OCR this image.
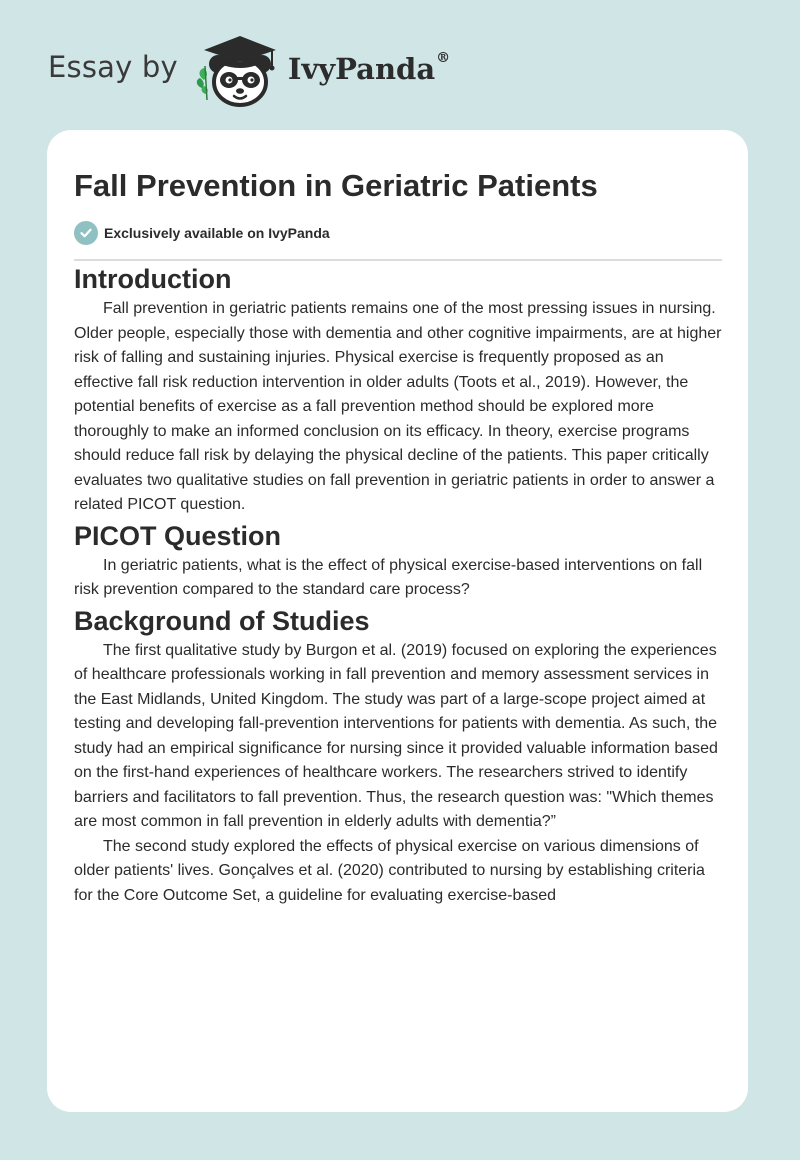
Essay by	IvyPanda®
Fall Prevention in Geriatric Patients
Exclusively available on IvyPanda
Introduction

Fall prevention in geriatric patients remains one of the most pressing issues in nursing. Older people, especially those with dementia and other cognitive impairments, are at higher risk of falling and sustaining injuries. Physical exercise is frequently proposed as an effective fall risk reduction intervention in older adults (Toots et al., 2019). However, the potential benefits of exercise as a fall prevention method should be explored more thoroughly to make an informed conclusion on its efficacy. In theory, exercise programs should reduce fall risk by delaying the physical decline of the patients. This paper critically evaluates two qualitative studies on fall prevention in geriatric patients in order to answer a related PICOT question.

PICOT Question

In geriatric patients, what is the effect of physical exercise-based interventions on fall risk prevention compared to the standard care process?

Background of Studies

The first qualitative study by Burgon et al. (2019) focused on exploring the experiences of healthcare professionals working in fall prevention and memory assessment services in the East Midlands, United Kingdom. The study was part of a large-scope project aimed at testing and developing fall-prevention interventions for patients with dementia. As such, the study had an empirical significance for nursing since it provided valuable information based on the first-hand experiences of healthcare workers. The researchers strived to identify barriers and facilitators to fall prevention. Thus, the research question was: "Which themes are most common in fall prevention in elderly adults with dementia?”

The second study explored the effects of physical exercise on various dimensions of older patients' lives. Gonçalves et al. (2020) contributed to nursing by establishing criteria for the Core Outcome Set, a guideline for evaluating exercise-based
